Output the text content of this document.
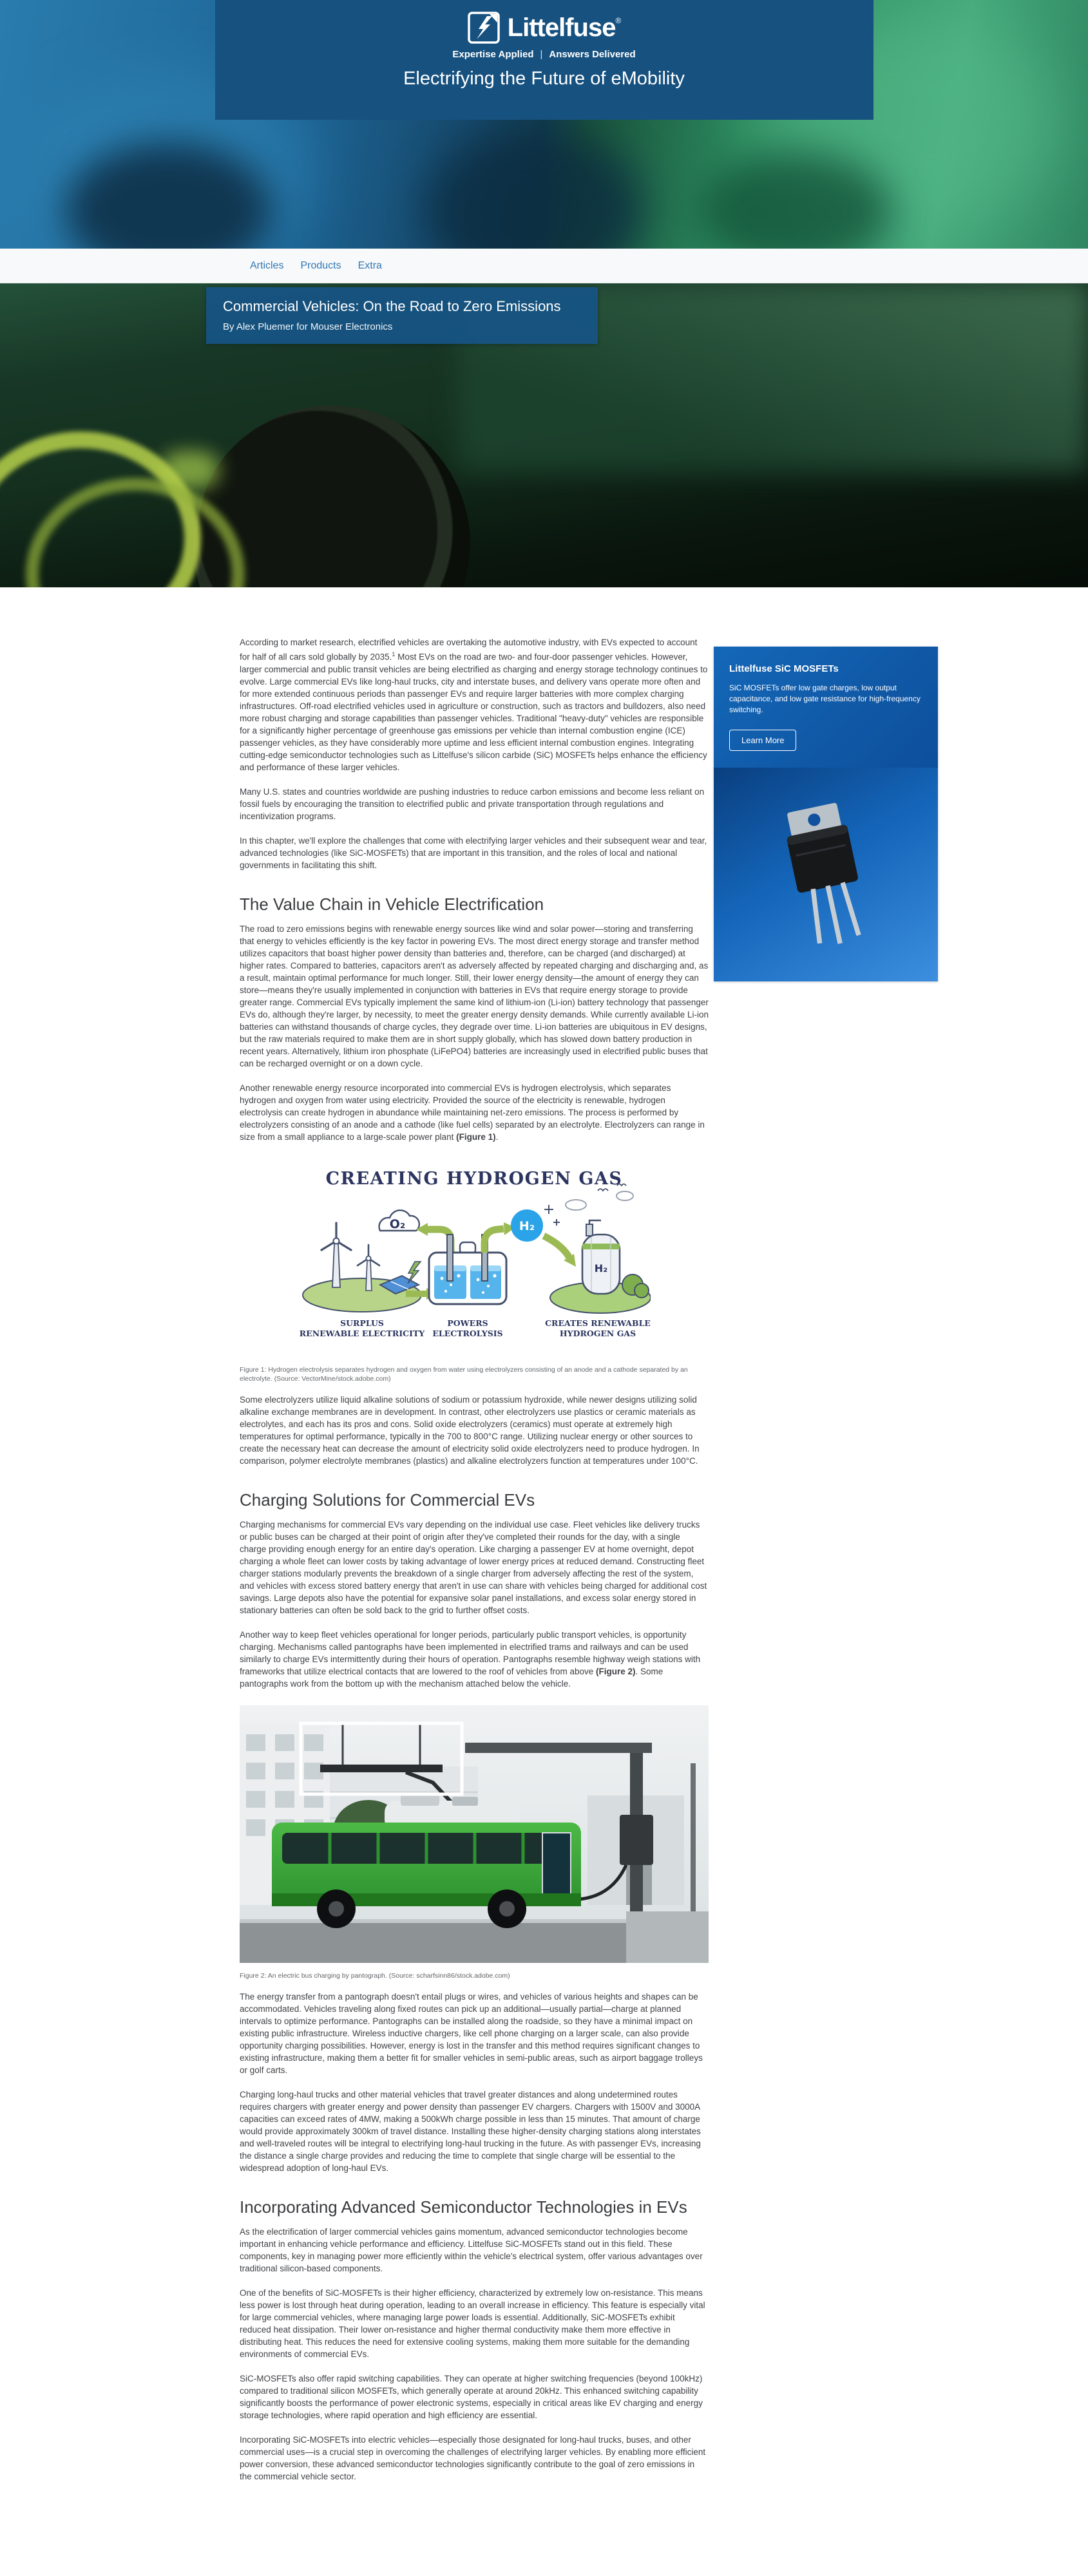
Littelfuse®
Expertise Applied | Answers Delivered
Electrifying the Future of eMobility
Articles Products Extra
Commercial Vehicles: On the Road to Zero Emissions
By Alex Pluemer for Mouser Electronics
Littelfuse SiC MOSFETs
SiC MOSFETs offer low gate charges, low output capacitance, and low gate resistance for high-frequency switching.
Learn More

According to market research, electrified vehicles are overtaking the automotive industry, with EVs expected to account for half of all cars sold globally by 2035.$^1$ Most EVs on the road are two- and four-door passenger vehicles. However, larger commercial and public transit vehicles are being electrified as charging and energy storage technology continues to evolve. Large commercial EVs like long-haul trucks, city and interstate buses, and delivery vans operate more often and for more extended continuous periods than passenger EVs and require larger batteries with more complex charging infrastructures. Off-road electrified vehicles used in agriculture or construction, such as tractors and bulldozers, also need more robust charging and storage capabilities than passenger vehicles. Traditional "heavy-duty" vehicles are responsible for a significantly higher percentage of greenhouse gas emissions per vehicle than internal combustion engine (ICE) passenger vehicles, as they have considerably more uptime and less efficient internal combustion engines. Integrating cutting-edge semiconductor technologies such as Littelfuse's silicon carbide (SiC) MOSFETs helps enhance the efficiency and performance of these larger vehicles.

Many U.S. states and countries worldwide are pushing industries to reduce carbon emissions and become less reliant on fossil fuels by encouraging the transition to electrified public and private transportation through regulations and incentivization programs.

In this chapter, we'll explore the challenges that come with electrifying larger vehicles and their subsequent wear and tear, advanced technologies (like SiC-MOSFETs) that are important in this transition, and the roles of local and national governments in facilitating this shift.

The Value Chain in Vehicle Electrification

The road to zero emissions begins with renewable energy sources like wind and solar power—storing and transferring that energy to vehicles efficiently is the key factor in powering EVs. The most direct energy storage and transfer method utilizes capacitors that boast higher power density than batteries and, therefore, can be charged (and discharged) at higher rates. Compared to batteries, capacitors aren't as adversely affected by repeated charging and discharging and, as a result, maintain optimal performance for much longer. Still, their lower energy density—the amount of energy they can store—means they're usually implemented in conjunction with batteries in EVs that require energy storage to provide greater range. Commercial EVs typically implement the same kind of lithium-ion (Li-ion) battery technology that passenger EVs do, although they're larger, by necessity, to meet the greater energy density demands. While currently available Li-ion batteries can withstand thousands of charge cycles, they degrade over time. Li-ion batteries are ubiquitous in EV designs, but the raw materials required to make them are in short supply globally, which has slowed down battery production in recent years. Alternatively, lithium iron phosphate (LiFePO4) batteries are increasingly used in electrified public buses that can be recharged overnight or on a down cycle.

Another renewable energy resource incorporated into commercial EVs is hydrogen electrolysis, which separates hydrogen and oxygen from water using electricity. Provided the source of the electricity is renewable, hydrogen electrolysis can create hydrogen in abundance while maintaining net-zero emissions. The process is performed by electrolyzers consisting of an anode and a cathode (like fuel cells) separated by an electrolyte. Electrolyzers can range in size from a small appliance to a large-scale power plant (Figure 1).

CREATING HYDROGEN GAS
O₂	H₂
H₂
SURPLUS
RENEWABLE ELECTRICITY
POWERS
ELECTROLYSIS
CREATES RENEWABLE
HYDROGEN GAS
Figure 1: Hydrogen electrolysis separates hydrogen and oxygen from water using electrolyzers consisting of an anode and a cathode separated by an electrolyte. (Source: VectorMine/stock.adobe.com)

Some electrolyzers utilize liquid alkaline solutions of sodium or potassium hydroxide, while newer designs utilizing solid alkaline exchange membranes are in development. In contrast, other electrolyzers use plastics or ceramic materials as electrolytes, and each has its pros and cons. Solid oxide electrolyzers (ceramics) must operate at extremely high temperatures for optimal performance, typically in the 700 to 800°C range. Utilizing nuclear energy or other sources to create the necessary heat can decrease the amount of electricity solid oxide electrolyzers need to produce hydrogen. In comparison, polymer electrolyte membranes (plastics) and alkaline electrolyzers function at temperatures under 100°C.

Charging Solutions for Commercial EVs

Charging mechanisms for commercial EVs vary depending on the individual use case. Fleet vehicles like delivery trucks or public buses can be charged at their point of origin after they've completed their rounds for the day, with a single charge providing enough energy for an entire day's operation. Like charging a passenger EV at home overnight, depot charging a whole fleet can lower costs by taking advantage of lower energy prices at reduced demand. Constructing fleet charger stations modularly prevents the breakdown of a single charger from adversely affecting the rest of the system, and vehicles with excess stored battery energy that aren't in use can share with vehicles being charged for additional cost savings. Large depots also have the potential for expansive solar panel installations, and excess solar energy stored in stationary batteries can often be sold back to the grid to further offset costs.

Another way to keep fleet vehicles operational for longer periods, particularly public transport vehicles, is opportunity charging. Mechanisms called pantographs have been implemented in electrified trams and railways and can be used similarly to charge EVs intermittently during their hours of operation. Pantographs resemble highway weigh stations with frameworks that utilize electrical contacts that are lowered to the roof of vehicles from above (Figure 2). Some pantographs work from the bottom up with the mechanism attached below the vehicle.

Figure 2: An electric bus charging by pantograph. (Source: scharfsinn86/stock.adobe.com)

The energy transfer from a pantograph doesn't entail plugs or wires, and vehicles of various heights and shapes can be accommodated. Vehicles traveling along fixed routes can pick up an additional—usually partial—charge at planned intervals to optimize performance. Pantographs can be installed along the roadside, so they have a minimal impact on existing public infrastructure. Wireless inductive chargers, like cell phone charging on a larger scale, can also provide opportunity charging possibilities. However, energy is lost in the transfer and this method requires significant changes to existing infrastructure, making them a better fit for smaller vehicles in semi-public areas, such as airport baggage trolleys or golf carts.

Charging long-haul trucks and other material vehicles that travel greater distances and along undetermined routes requires chargers with greater energy and power density than passenger EV chargers. Chargers with 1500V and 3000A capacities can exceed rates of 4MW, making a 500kWh charge possible in less than 15 minutes. That amount of charge would provide approximately 300km of travel distance. Installing these higher-density charging stations along interstates and well-traveled routes will be integral to electrifying long-haul trucking in the future. As with passenger EVs, increasing the distance a single charge provides and reducing the time to complete that single charge will be essential to the widespread adoption of long-haul EVs.

Incorporating Advanced Semiconductor Technologies in EVs

As the electrification of larger commercial vehicles gains momentum, advanced semiconductor technologies become important in enhancing vehicle performance and efficiency. Littelfuse SiC-MOSFETs stand out in this field. These components, key in managing power more efficiently within the vehicle's electrical system, offer various advantages over traditional silicon-based components.

One of the benefits of SiC-MOSFETs is their higher efficiency, characterized by extremely low on-resistance. This means less power is lost through heat during operation, leading to an overall increase in efficiency. This feature is especially vital for large commercial vehicles, where managing large power loads is essential. Additionally, SiC-MOSFETs exhibit reduced heat dissipation. Their lower on-resistance and higher thermal conductivity make them more effective in distributing heat. This reduces the need for extensive cooling systems, making them more suitable for the demanding environments of commercial EVs.

SiC-MOSFETs also offer rapid switching capabilities. They can operate at higher switching frequencies (beyond 100kHz) compared to traditional silicon MOSFETs, which generally operate at around 20kHz. This enhanced switching capability significantly boosts the performance of power electronic systems, especially in critical areas like EV charging and energy storage technologies, where rapid operation and high efficiency are essential.

Incorporating SiC-MOSFETs into electric vehicles—especially those designated for long-haul trucks, buses, and other commercial uses—is a crucial step in overcoming the challenges of electrifying larger vehicles. By enabling more efficient power conversion, these advanced semiconductor technologies significantly contribute to the goal of zero emissions in the commercial vehicle sector.
